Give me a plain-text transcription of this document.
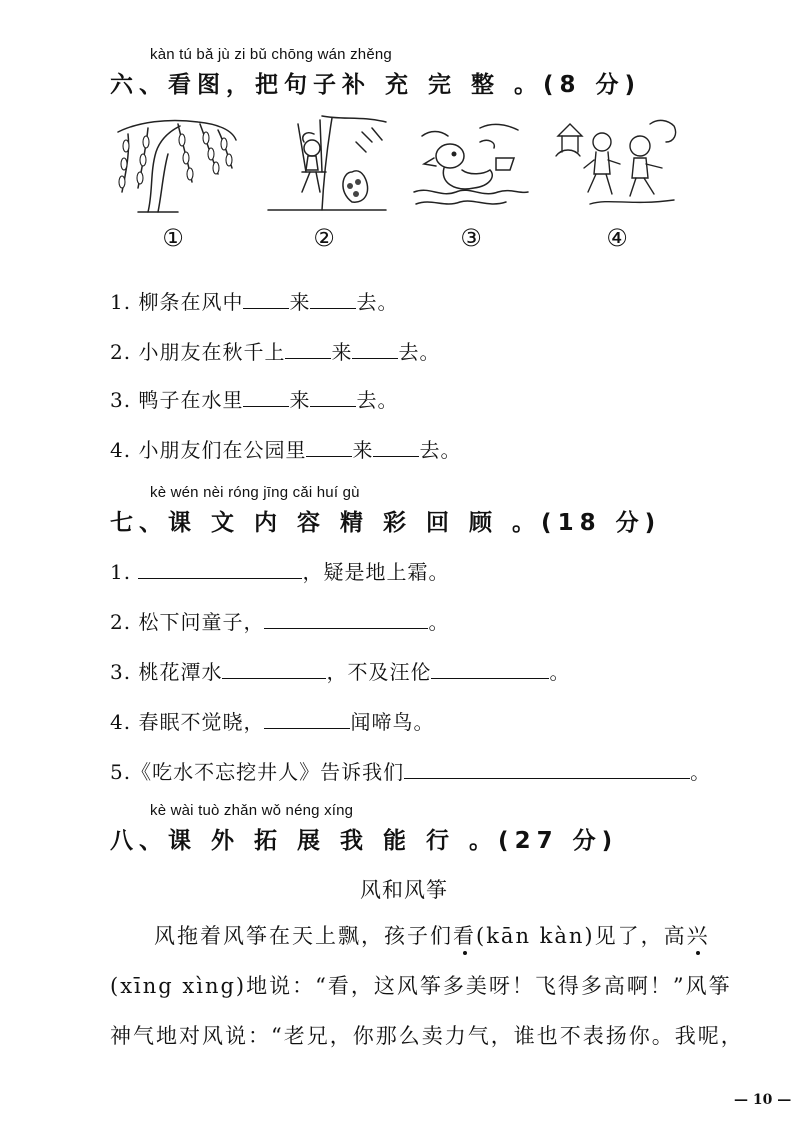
kàn tú bǎ jù zi bǔ chōng wán zhěng
六、看图，把句子补 充 完 整 。(8 分)
①	②	③	④
1. 柳条在风中 来 去。
2. 小朋友在秋千上 来 去。
3. 鸭子在水里 来 去。
4. 小朋友们在公园里 来 去。
kè wén nèi róng jīng cǎi huí gù
七、课 文 内 容 精 彩 回 顾 。(18 分)
1.	，疑是地上霜。
2. 松下问童子，	。
3. 桃花潭水	，不及汪伦	。
4. 春眠不觉晓，	闻啼鸟。
5.《吃水不忘挖井人》告诉我们	。
kè wài tuò zhǎn wǒ néng xíng
八、课 外 拓 展 我 能 行 。(27 分)
风和风筝
风拖着风筝在天上飘，孩子们看(kān kàn)见了，高兴
(xīng xìng)地说：“看，这风筝多美呀！飞得多高啊！”风筝
神气地对风说：“老兄，你那么卖力气，谁也不表扬你。我呢，
— 10 —
